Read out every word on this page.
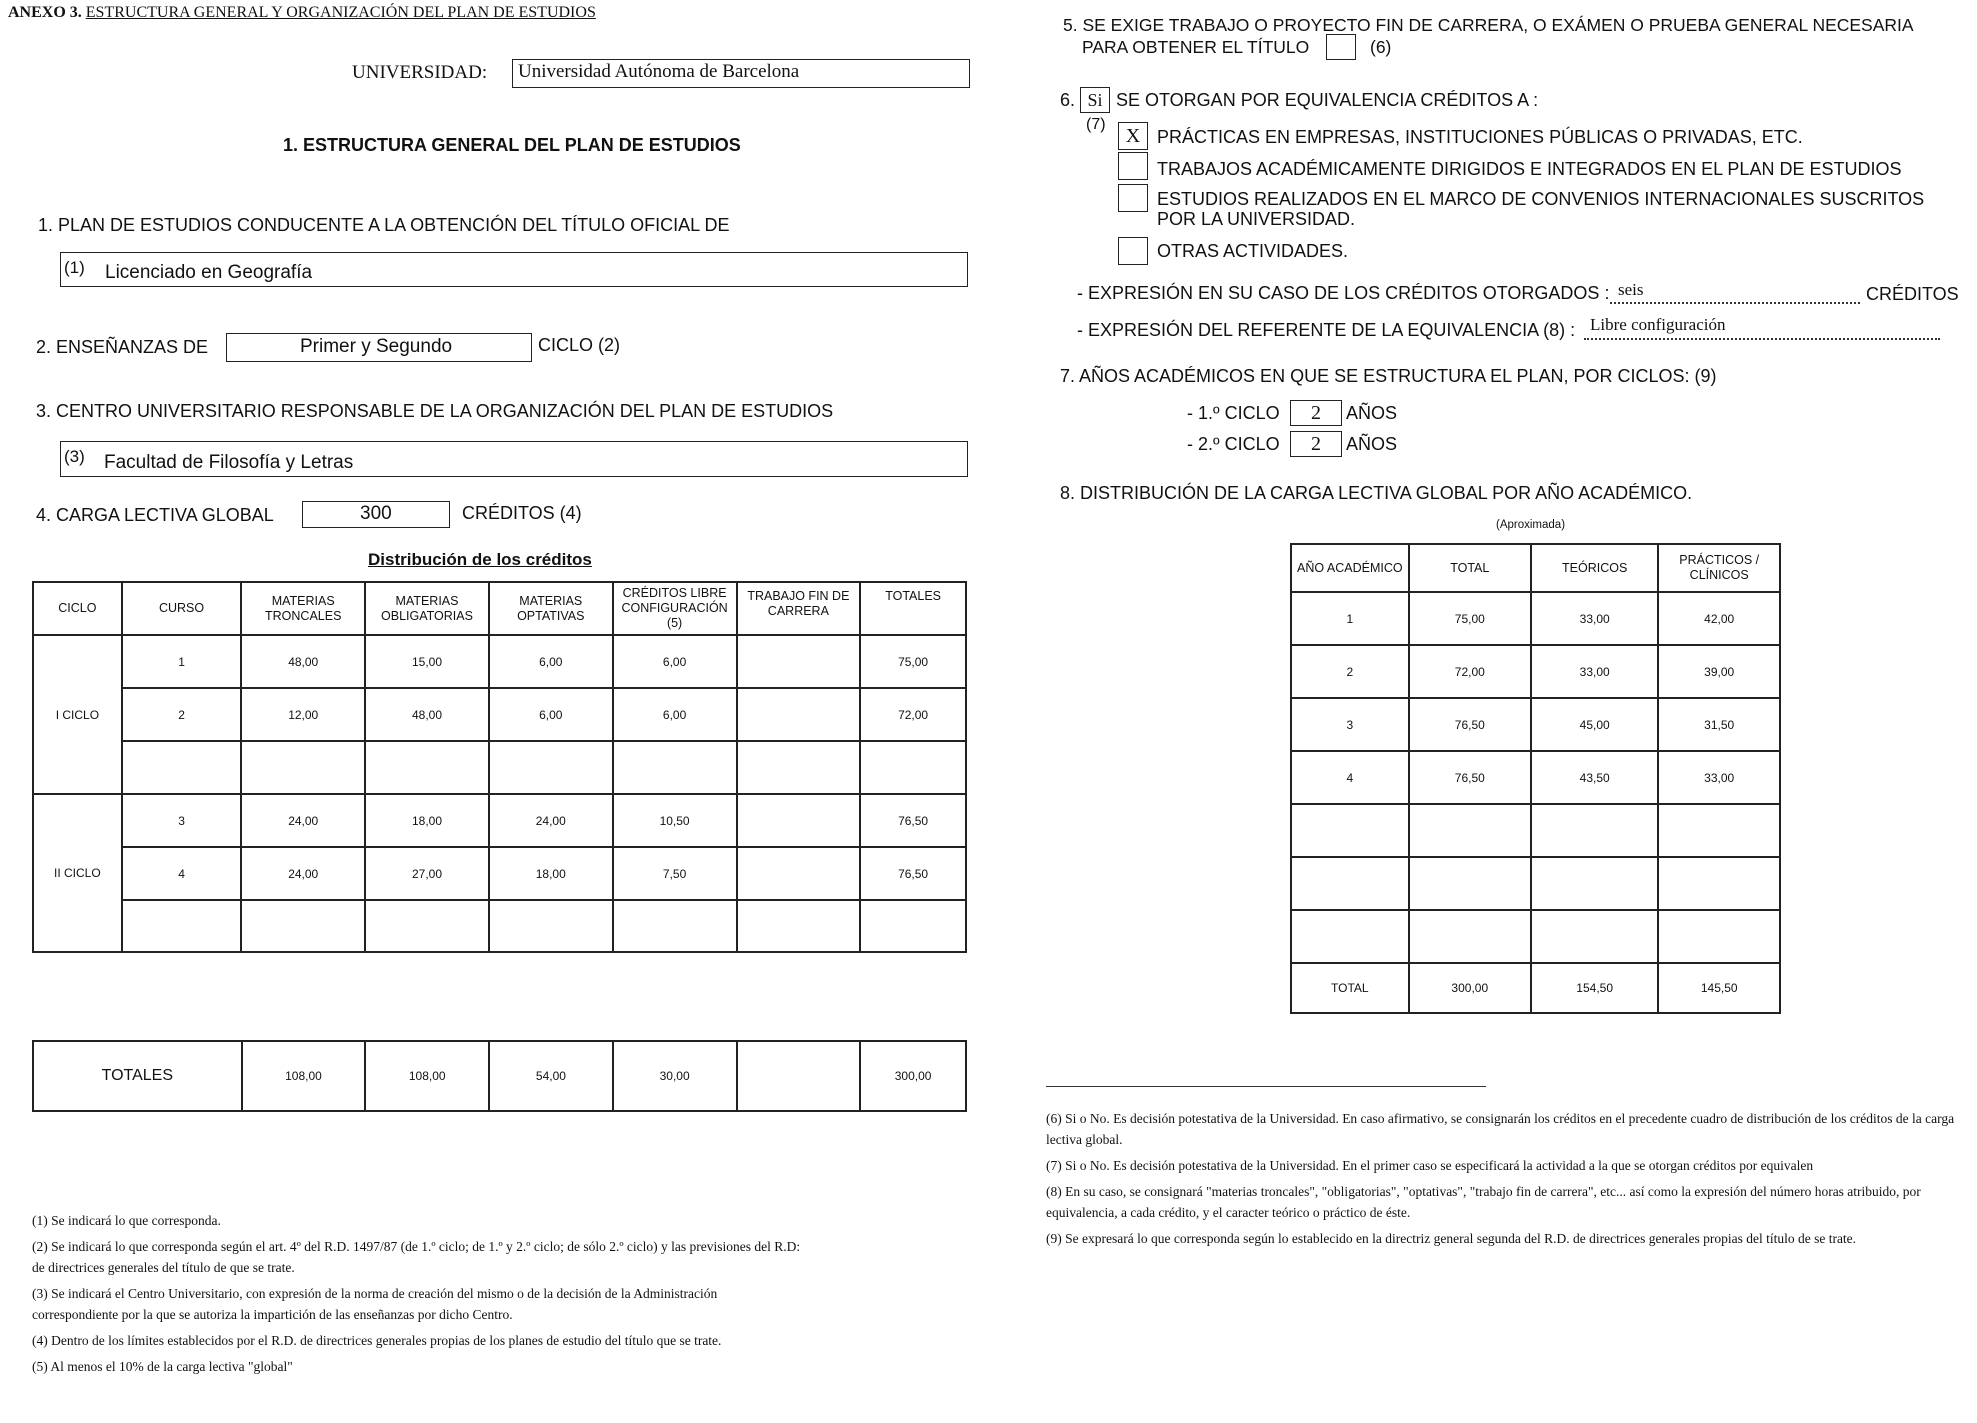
ANEXO 3. ESTRUCTURA GENERAL Y ORGANIZACIÓN DEL PLAN DE ESTUDIOS
UNIVERSIDAD: Universidad Autónoma de Barcelona
1. ESTRUCTURA GENERAL DEL PLAN DE ESTUDIOS
1. PLAN DE ESTUDIOS CONDUCENTE A LA OBTENCIÓN DEL TÍTULO OFICIAL DE
(1) Licenciado en Geografía
2. ENSEÑANZAS DE	Primer y Segundo	CICLO (2)
3. CENTRO UNIVERSITARIO RESPONSABLE DE LA ORGANIZACIÓN DEL PLAN DE ESTUDIOS
(3) Facultad de Filosofía y Letras
4. CARGA LECTIVA GLOBAL	300	CRÉDITOS (4)
Distribución de los créditos
CICLO	CURSO	MATERIAS TRONCALES	MATERIAS OBLIGATORIAS	MATERIAS OPTATIVAS	CRÉDITOS LIBRE CONFIGURACIÓN (5)	TRABAJO FIN DE CARRERA	TOTALES
I CICLO	1	48,00	15,00	6,00	6,00		75,00
	2	12,00	48,00	6,00	6,00		72,00

II CICLO	3	24,00	18,00	24,00	10,50		76,50
	4	24,00	27,00	18,00	7,50		76,50

TOTALES	108,00	108,00	54,00	30,00		300,00

(1) Se indicará lo que corresponda.

(2) Se indicará lo que corresponda según el art. 4º del R.D. 1497/87 (de 1.º ciclo; de 1.º y 2.º ciclo; de sólo 2.º ciclo) y las previsiones del R.D: de directrices generales del título de que se trate.

(3) Se indicará el Centro Universitario, con expresión de la norma de creación del mismo o de la decisión de la Administración correspondiente por la que se autoriza la impartición de las enseñanzas por dicho Centro.

(4) Dentro de los límites establecidos por el R.D. de directrices generales propias de los planes de estudio del título que se trate.

(5) Al menos el 10% de la carga lectiva "global"

5. SE EXIGE TRABAJO O PROYECTO FIN DE CARRERA, O EXÁMEN O PRUEBA GENERAL NECESARIA
PARA OBTENER EL TÍTULO	(6)
6. Si SE OTORGAN POR EQUIVALENCIA CRÉDITOS A :
(7)
X PRÁCTICAS EN EMPRESAS, INSTITUCIONES PÚBLICAS O PRIVADAS, ETC.
TRABAJOS ACADÉMICAMENTE DIRIGIDOS E INTEGRADOS EN EL PLAN DE ESTUDIOS
ESTUDIOS REALIZADOS EN EL MARCO DE CONVENIOS INTERNACIONALES SUSCRITOS
POR LA UNIVERSIDAD.
OTRAS ACTIVIDADES.
- EXPRESIÓN EN SU CASO DE LOS CRÉDITOS OTORGADOS : seis	CRÉDITOS
- EXPRESIÓN DEL REFERENTE DE LA EQUIVALENCIA (8) : Libre configuración
7. AÑOS ACADÉMICOS EN QUE SE ESTRUCTURA EL PLAN, POR CICLOS: (9)
- 1.º CICLO	2	AÑOS
- 2.º CICLO	2	AÑOS
8. DISTRIBUCIÓN DE LA CARGA LECTIVA GLOBAL POR AÑO ACADÉMICO.
(Aproximada)
AÑO ACADÉMICO	TOTAL	TEÓRICOS	PRÁCTICOS / CLÍNICOS
1	75,00	33,00	42,00
2	72,00	33,00	39,00
3	76,50	45,00	31,50
4	76,50	43,50	33,00

TOTAL	300,00	154,50	145,50

(6) Si o No. Es decisión potestativa de la Universidad. En caso afirmativo, se consignarán los créditos en el precedente cuadro de distribución de los créditos de la carga lectiva global.

(7) Si o No. Es decisión potestativa de la Universidad. En el primer caso se especificará la actividad a la que se otorgan créditos por equivalen

(8) En su caso, se consignará "materias troncales", "obligatorias", "optativas", "trabajo fin de carrera", etc... así como la expresión del número horas atribuido, por equivalencia, a cada crédito, y el caracter teórico o práctico de éste.

(9) Se expresará lo que corresponda según lo establecido en la directriz general segunda del R.D. de directrices generales propias del título de se trate.
